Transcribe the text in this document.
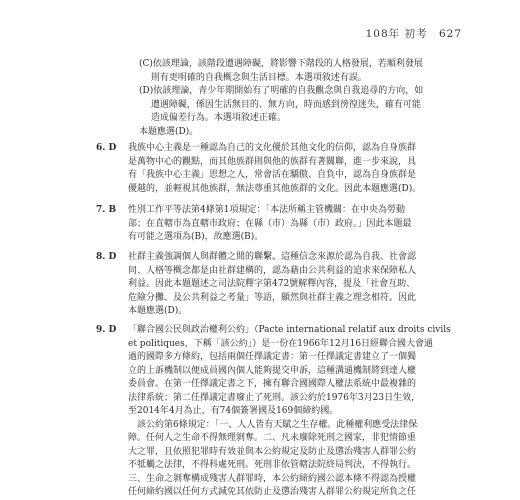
108年 初考　627
(C)依該理論，該階段遭遇障礙，將影響下階段的人格發展，若順利發展
　 則有更明確的自我概念與生活目標。本選項敘述有誤。
(D)依該理論，青少年期開始有了明確的自我觀念與自我追尋的方向，如
　 遭遇障礙，係因生活無目的、無方向，時而感到徬徨迷失，確有可能
　 造成偏差行為。本選項敘述正確。
本題應選(D)。
6. D 我族中心主義是一種認為自己的文化優於其他文化的信仰，認為自身族群
是萬物中心的觀點，而其他族群則與他的族群有著關聯，進一步來說，具
有「我族中心主義」思想之人，常會活在驕傲、自負中，認為自身族群是
優越的，並輕視其他族群，無法尊重其他族群的文化。因此本題應選(D)。
7. B 性別工作平等法第4條第1項規定：「本法所稱主管機關：在中央為勞動
部；在直轄市為直轄市政府；在縣（市）為縣（市）政府。」因此本題最
有可能之選項為(B)，故應選(B)。
8. D 社群主義強調個人與群體之間的聯繫。這種信念來源於認為自我、社會認
同、人格等概念都是由社群建構的，認為藉由公共利益的追求來保障私人
利益。因此本題題述之司法院釋字第472號解釋內容，提及「社會互助、
危險分攤、及公共利益之考量」等語，顯然與社群主義之理念相符。因此
本題應選(D)。
9. D 「聯合國公民與政治權利公約」（Pacte international relatif aux droits civils
et politiques，下稱「該公約」）是一份在1966年12月16日經聯合國大會通
過的國際多方條約，包括兩個任擇議定書：第一任擇議定書建立了一個獨
立的上訴機制以便成員國內個人能夠提交申訴，這種溝通機制將到達人權
委員會。在第一任擇議定書之下，擁有聯合國國際人權法系統中最複雜的
法律系統；第二任擇議定書廢止了死刑。該公約於1976年3月23日生效，
至2014年4月為止，有74個簽署國及169個締約國。
　該公約第6條規定：「一、人人皆有天賦之生存權。此種權利應受法律保
障。任何人之生命不得無理剝奪。二、凡未廢除死刑之國家，非犯情節重
大之罪，且依照犯罪時有效並與本公約規定及防止及懲治殘害人群罪公約
不牴觸之法律，不得科處死刑。死刑非依管轄法院終局判決，不得執行。
三、生命之剝奪構成殘害人群罪時，本公約締約國公認本條不得認為授權
任何締約國以任何方式減免其依防止及懲治殘害人群罪公約規定所負之任
